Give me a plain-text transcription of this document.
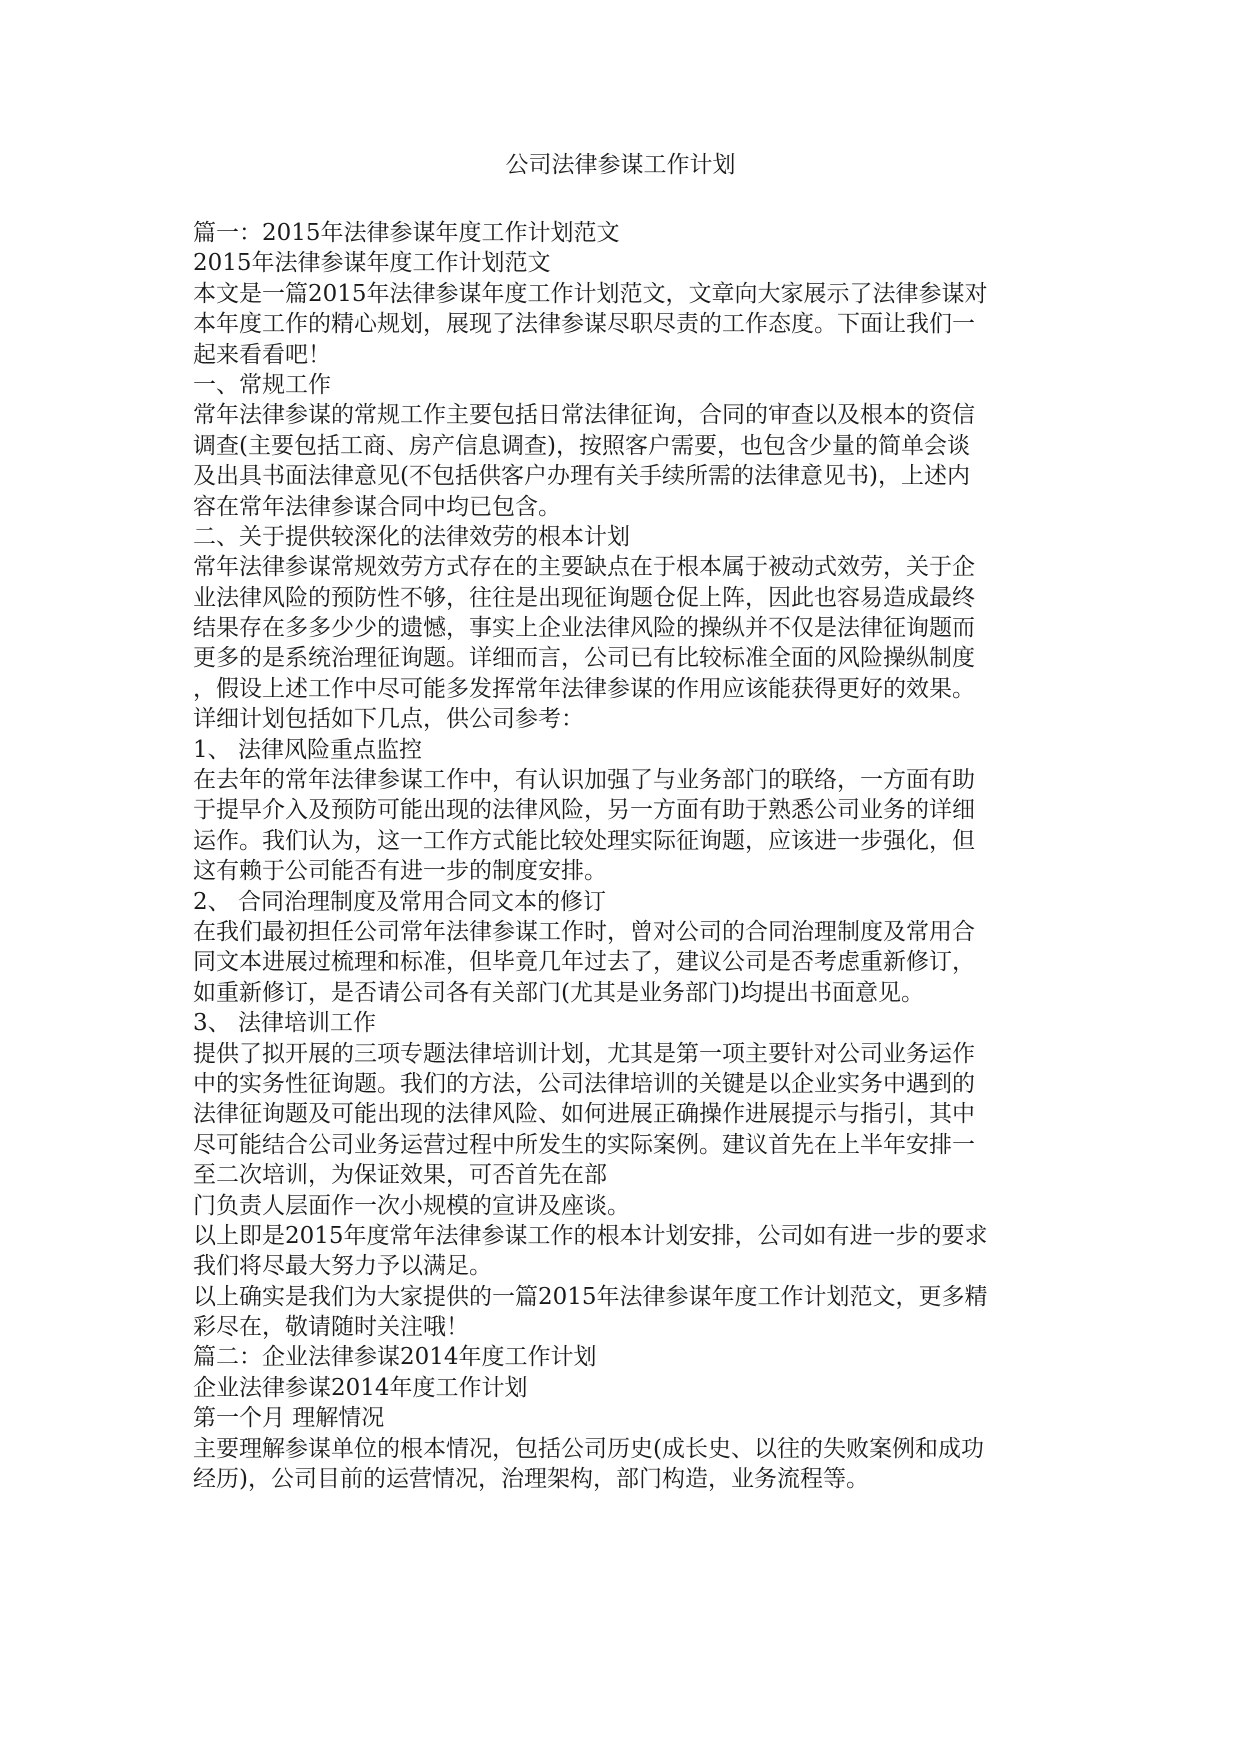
公司法律参谋工作计划
篇一：2015年法律参谋年度工作计划范文
2015年法律参谋年度工作计划范文
本文是一篇2015年法律参谋年度工作计划范文，文章向大家展示了法律参谋对
本年度工作的精心规划，展现了法律参谋尽职尽责的工作态度。下面让我们一
起来看看吧！
一、常规工作
常年法律参谋的常规工作主要包括日常法律征询，合同的审查以及根本的资信
调查(主要包括工商、房产信息调查)，按照客户需要，也包含少量的简单会谈
及出具书面法律意见(不包括供客户办理有关手续所需的法律意见书)，上述内
容在常年法律参谋合同中均已包含。
二、关于提供较深化的法律效劳的根本计划
常年法律参谋常规效劳方式存在的主要缺点在于根本属于被动式效劳，关于企
业法律风险的预防性不够，往往是出现征询题仓促上阵，因此也容易造成最终
结果存在多多少少的遗憾，事实上企业法律风险的操纵并不仅是法律征询题而
更多的是系统治理征询题。详细而言，公司已有比较标准全面的风险操纵制度
，假设上述工作中尽可能多发挥常年法律参谋的作用应该能获得更好的效果。
详细计划包括如下几点，供公司参考：
1、 法律风险重点监控
在去年的常年法律参谋工作中，有认识加强了与业务部门的联络，一方面有助
于提早介入及预防可能出现的法律风险，另一方面有助于熟悉公司业务的详细
运作。我们认为，这一工作方式能比较处理实际征询题，应该进一步强化，但
这有赖于公司能否有进一步的制度安排。
2、 合同治理制度及常用合同文本的修订
在我们最初担任公司常年法律参谋工作时，曾对公司的合同治理制度及常用合
同文本进展过梳理和标准，但毕竟几年过去了，建议公司是否考虑重新修订，
如重新修订，是否请公司各有关部门(尤其是业务部门)均提出书面意见。
3、 法律培训工作
提供了拟开展的三项专题法律培训计划，尤其是第一项主要针对公司业务运作
中的实务性征询题。我们的方法，公司法律培训的关键是以企业实务中遇到的
法律征询题及可能出现的法律风险、如何进展正确操作进展提示与指引，其中
尽可能结合公司业务运营过程中所发生的实际案例。建议首先在上半年安排一
至二次培训，为保证效果，可否首先在部
门负责人层面作一次小规模的宣讲及座谈。
以上即是2015年度常年法律参谋工作的根本计划安排，公司如有进一步的要求
我们将尽最大努力予以满足。
以上确实是我们为大家提供的一篇2015年法律参谋年度工作计划范文，更多精
彩尽在，敬请随时关注哦！
篇二：企业法律参谋2014年度工作计划
企业法律参谋2014年度工作计划
第一个月 理解情况
主要理解参谋单位的根本情况，包括公司历史(成长史、以往的失败案例和成功
经历)，公司目前的运营情况，治理架构，部门构造，业务流程等。
